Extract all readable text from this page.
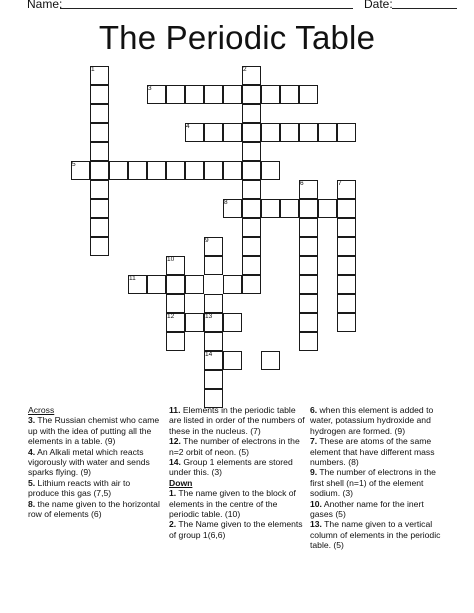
Name:	Date:
The Periodic Table
1	2
3
4
5
6	7
8
9
10
11
12	13
14
Across

3. The Russian chemist who came up with the idea of putting all the elements in a table. (9)

4. An Alkali metal which reacts vigorously with water and sends sparks flying. (9)

5. Lithium reacts with air to produce this gas (7,5)

8. the name given to the horizontal row of elements (6)

11. Elements in the periodic table are listed in order of the numbers of these in the nucleus. (7)

12. The number of electrons in the n=2 orbit of neon. (5)

14. Group 1 elements are stored under this. (3)

Down

1. The name given to the block of elements in the centre of the periodic table. (10)

2. The Name given to the elements of group 1(6,6)

6. when this element is added to water, potassium hydroxide and hydrogen are formed. (9)

7. These are atoms of the same element that have different mass numbers. (8)

9. The number of electrons in the first shell (n=1) of the element sodium. (3)

10. Another name for the inert gases (5)

13. The name given to a vertical column of elements in the periodic table. (5)
